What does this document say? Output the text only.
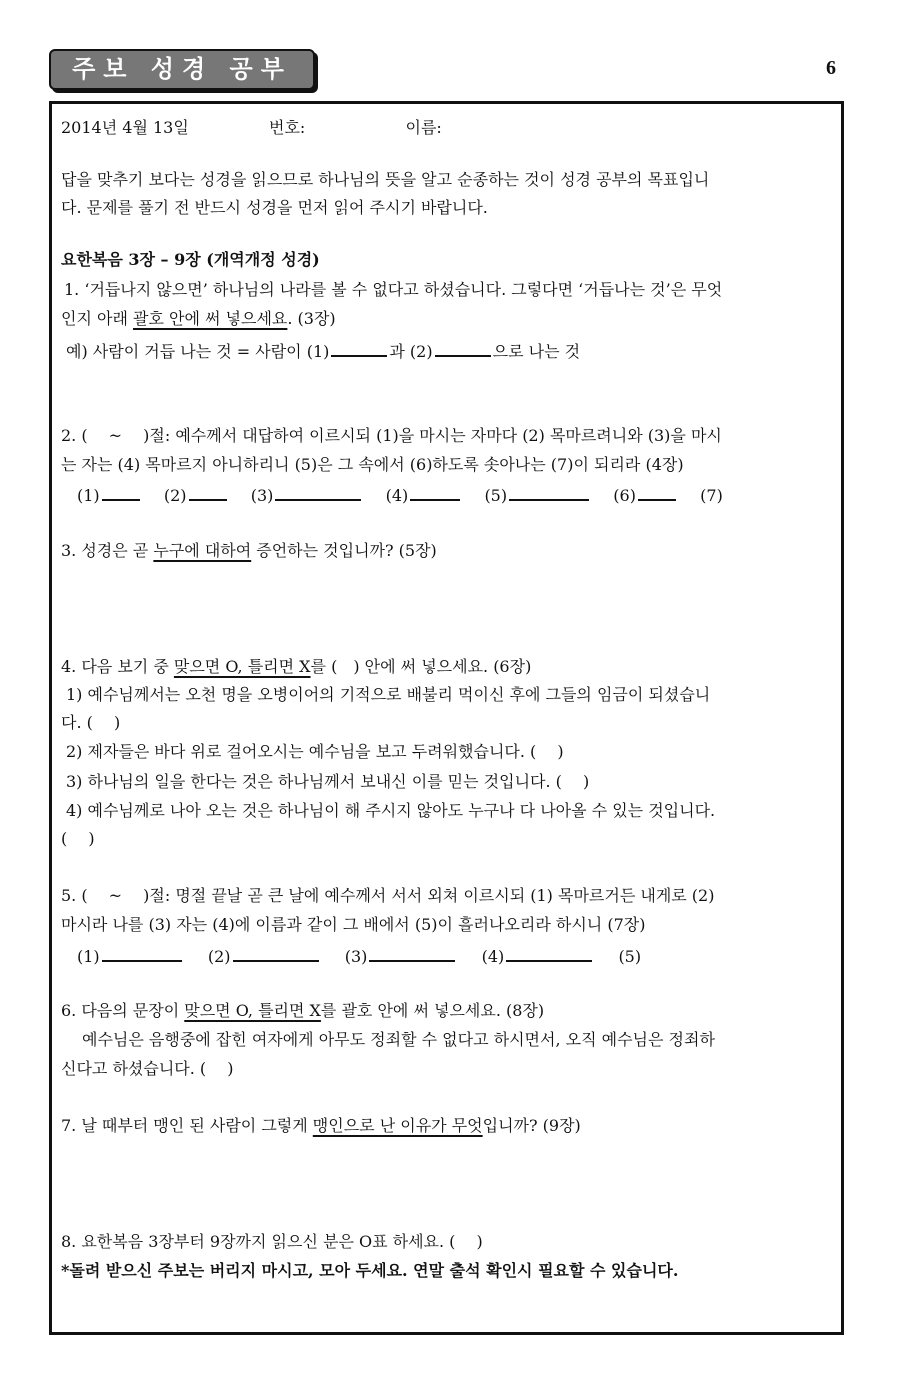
주보 성경 공부	6
2014년 4월 13일	번호:	이름:
답을 맞추기 보다는 성경을 읽으므로 하나님의 뜻을 알고 순종하는 것이 성경 공부의 목표입니
다. 문제를 풀기 전 반드시 성경을 먼저 읽어 주시기 바랍니다.
요한복음 3장 – 9장 (개역개정 성경)
1. ‘거듭나지 않으면’ 하나님의 나라를 볼 수 없다고 하셨습니다. 그렇다면 ‘거듭나는 것’은 무엇
인지 아래 괄호 안에 써 넣으세요. (3장)
예) 사람이 거듭 나는 것 = 사람이 (1)	과 (2)	으로 나는 것
2. (　 ~　 )절: 예수께서 대답하여 이르시되 (1)을 마시는 자마다 (2) 목마르려니와 (3)을 마시
는 자는 (4) 목마르지 아니하리니 (5)은 그 속에서 (6)하도록 솟아나는 (7)이 되리라 (4장)
(1)	(2)	(3)	(4)	(5)	(6)	(7)
3. 성경은 곧 누구에 대하여 증언하는 것입니까? (5장)
4. 다음 보기 중 맞으면 O, 틀리면 X를 (　) 안에 써 넣으세요. (6장)
1) 예수님께서는 오천 명을 오병이어의 기적으로 배불리 먹이신 후에 그들의 임금이 되셨습니
다. (　 )
2) 제자들은 바다 위로 걸어오시는 예수님을 보고 두려워했습니다. (　 )
3) 하나님의 일을 한다는 것은 하나님께서 보내신 이를 믿는 것입니다. (　 )
4) 예수님께로 나아 오는 것은 하나님이 해 주시지 않아도 누구나 다 나아올 수 있는 것입니다.
(　 )
5. (　 ~　 )절: 명절 끝날 곧 큰 날에 예수께서 서서 외쳐 이르시되 (1) 목마르거든 내게로 (2)
마시라 나를 (3) 자는 (4)에 이름과 같이 그 배에서 (5)이 흘러나오리라 하시니 (7장)
(1)	(2)	(3)	(4)	(5)
6. 다음의 문장이 맞으면 O, 틀리면 X를 괄호 안에 써 넣으세요. (8장)
예수님은 음행중에 잡힌 여자에게 아무도 정죄할 수 없다고 하시면서, 오직 예수님은 정죄하
신다고 하셨습니다. (　 )
7. 날 때부터 맹인 된 사람이 그렇게 맹인으로 난 이유가 무엇입니까? (9장)
8. 요한복음 3장부터 9장까지 읽으신 분은 O표 하세요. (　 )
*돌려 받으신 주보는 버리지 마시고, 모아 두세요. 연말 출석 확인시 필요할 수 있습니다.
